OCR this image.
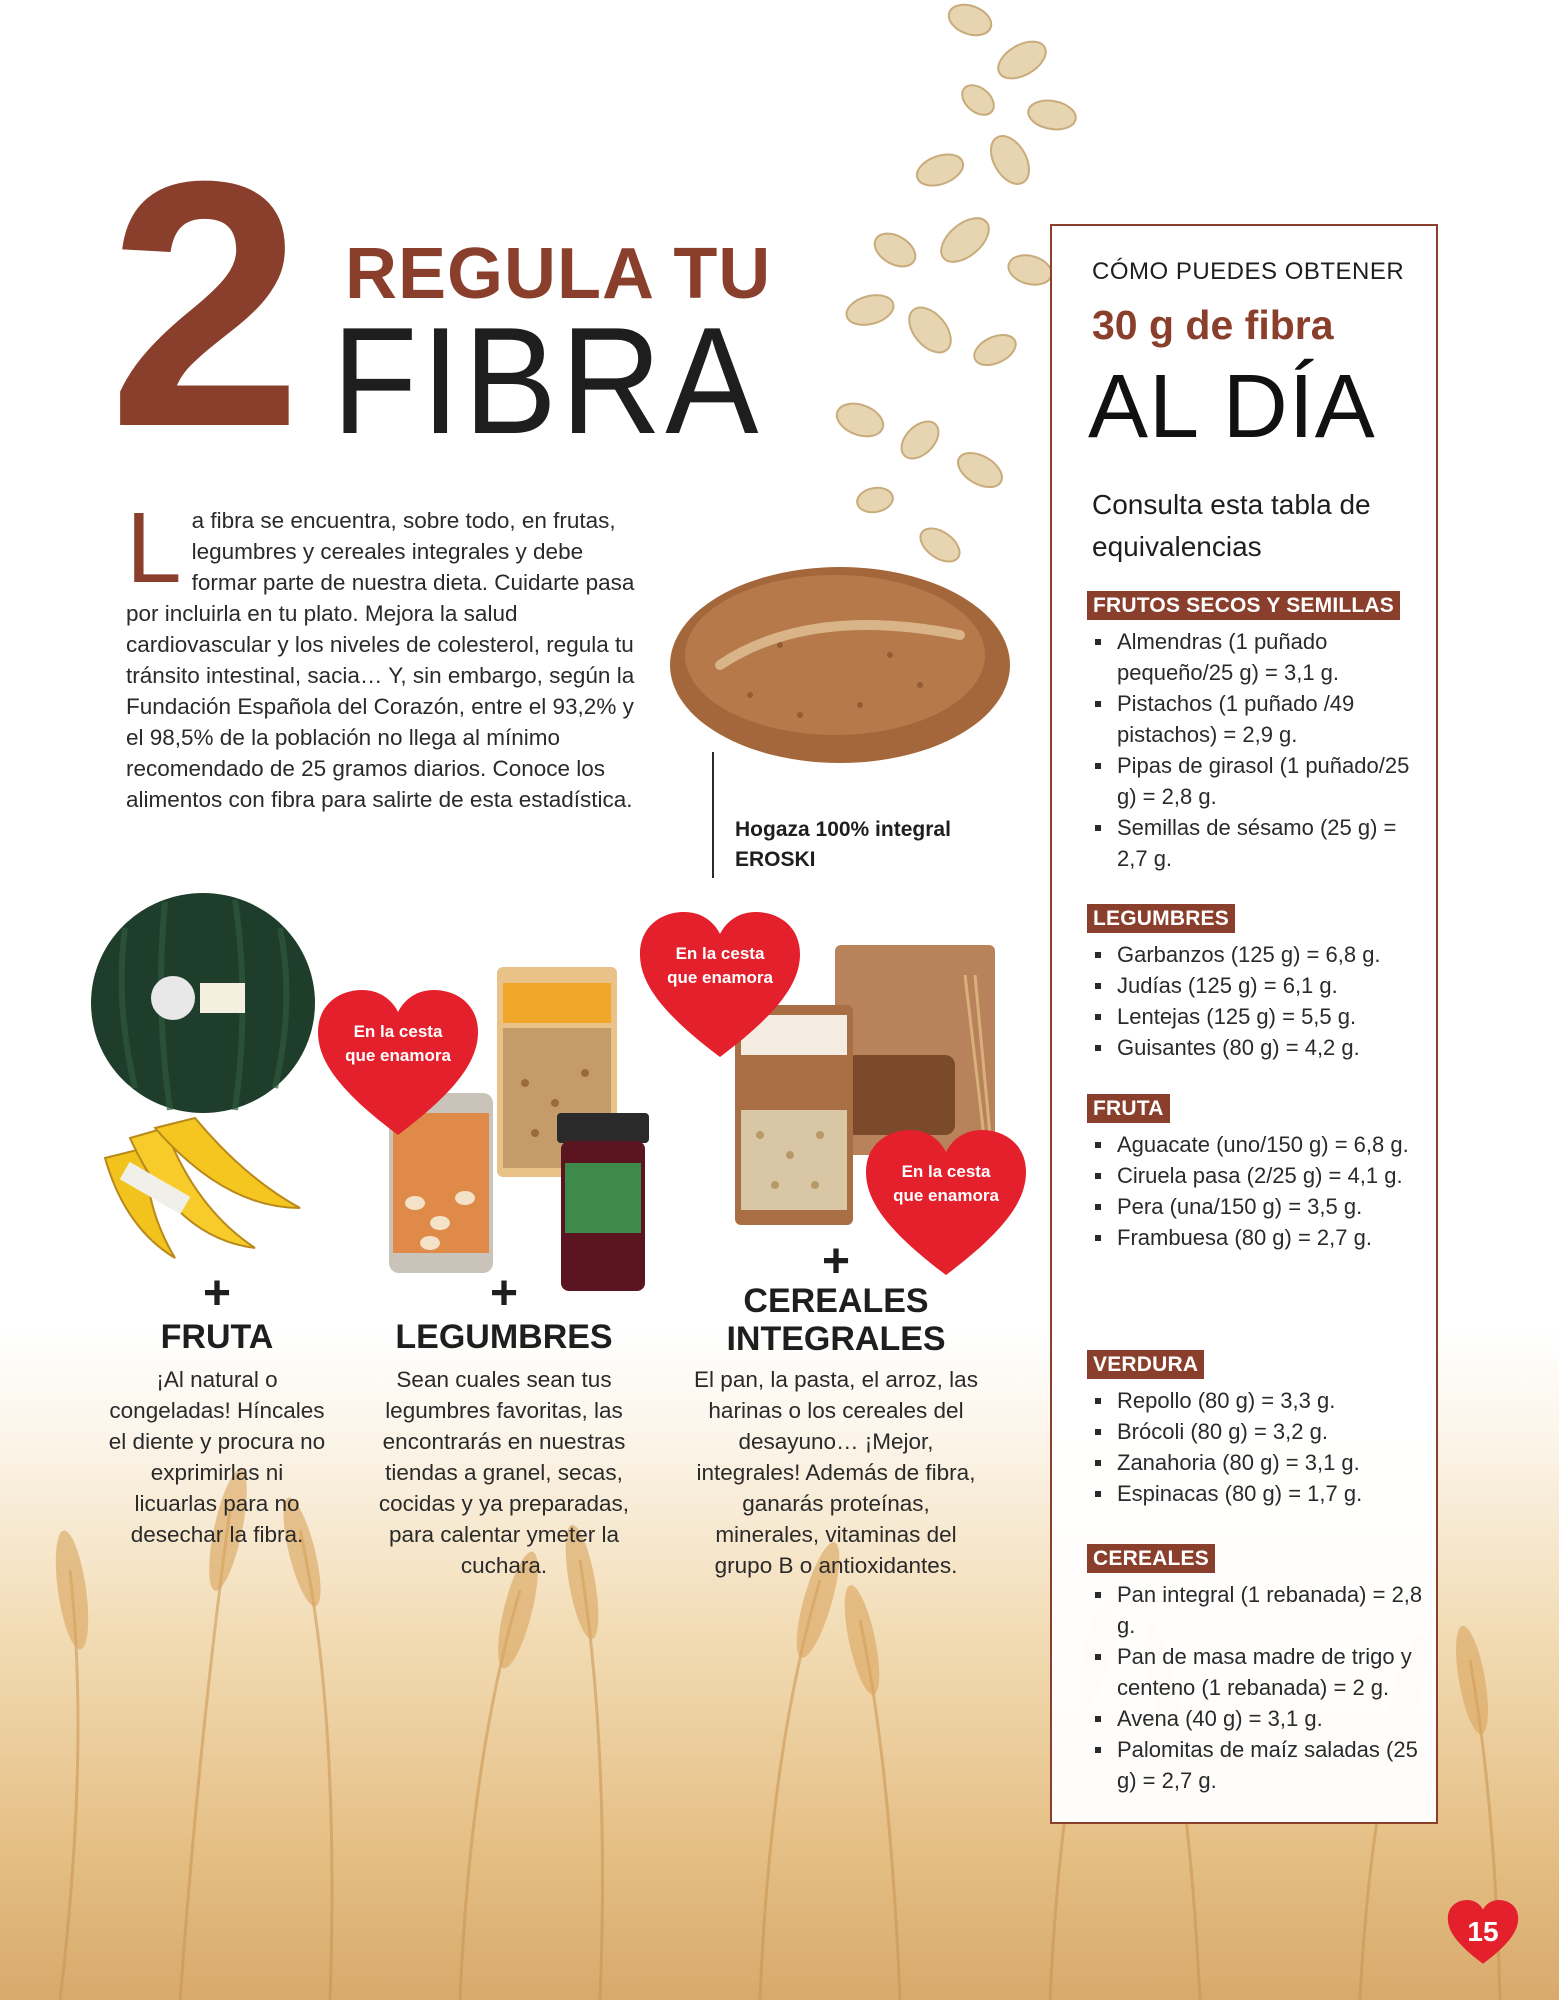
2 REGULA TU
FIBRA
La fibra se encuentra, sobre todo, en frutas, legumbres y cereales integrales y debe formar parte de nuestra dieta. Cuidarte pasa por incluirla en tu plato. Mejora la salud cardiovascular y los niveles de colesterol, regula tu tránsito intestinal, sacia… Y, sin embargo, según la Fundación Española del Corazón, entre el 93,2% y el 98,5% de la población no llega al mínimo recomendado de 25 gramos diarios. Conoce los alimentos con fibra para salirte de esta estadística.
Hogaza 100% integral EROSKI
En la cesta
que enamora
En la cesta
que enamora
En la cesta
que enamora
+
FRUTA
¡Al natural o congeladas! Híncales el diente y procura no exprimirlas ni licuarlas para no desechar la fibra.
+
LEGUMBRES
Sean cuales sean tus legumbres favoritas, las encontrarás en nuestras tiendas a granel, secas, cocidas y ya preparadas, para calentar ymeter la cuchara.
+
CEREALES
INTEGRALES
El pan, la pasta, el arroz, las harinas o los cereales del desayuno… ¡Mejor, integrales! Además de fibra, ganarás proteínas, minerales, vitaminas del grupo B o antioxidantes.
CÓMO PUEDES OBTENER
30 g de fibra
AL DÍA
Consulta esta tabla de equivalencias
FRUTOS SECOS Y SEMILLAS
Almendras (1 puñado pequeño/25 g) = 3,1 g.
Pistachos (1 puñado /49 pistachos) = 2,9 g.
Pipas de girasol (1 puñado/25 g) = 2,8 g.
Semillas de sésamo (25 g) = 2,7 g.
LEGUMBRES
Garbanzos (125 g) = 6,8 g.
Judías (125 g) = 6,1 g.
Lentejas (125 g) = 5,5 g.
Guisantes (80 g) = 4,2 g.
FRUTA
Aguacate (uno/150 g) = 6,8 g.
Ciruela pasa (2/25 g) = 4,1 g.
Pera (una/150 g) = 3,5 g.
Frambuesa (80 g) = 2,7 g.
VERDURA
Repollo (80 g) = 3,3 g.
Brócoli (80 g) = 3,2 g.
Zanahoria (80 g) = 3,1 g.
Espinacas (80 g) = 1,7 g.
CEREALES
Pan integral (1 rebanada) = 2,8 g.
Pan de masa madre de trigo y centeno (1 rebanada) = 2 g.
Avena (40 g) = 3,1 g.
Palomitas de maíz saladas (25 g) = 2,7 g.
15
